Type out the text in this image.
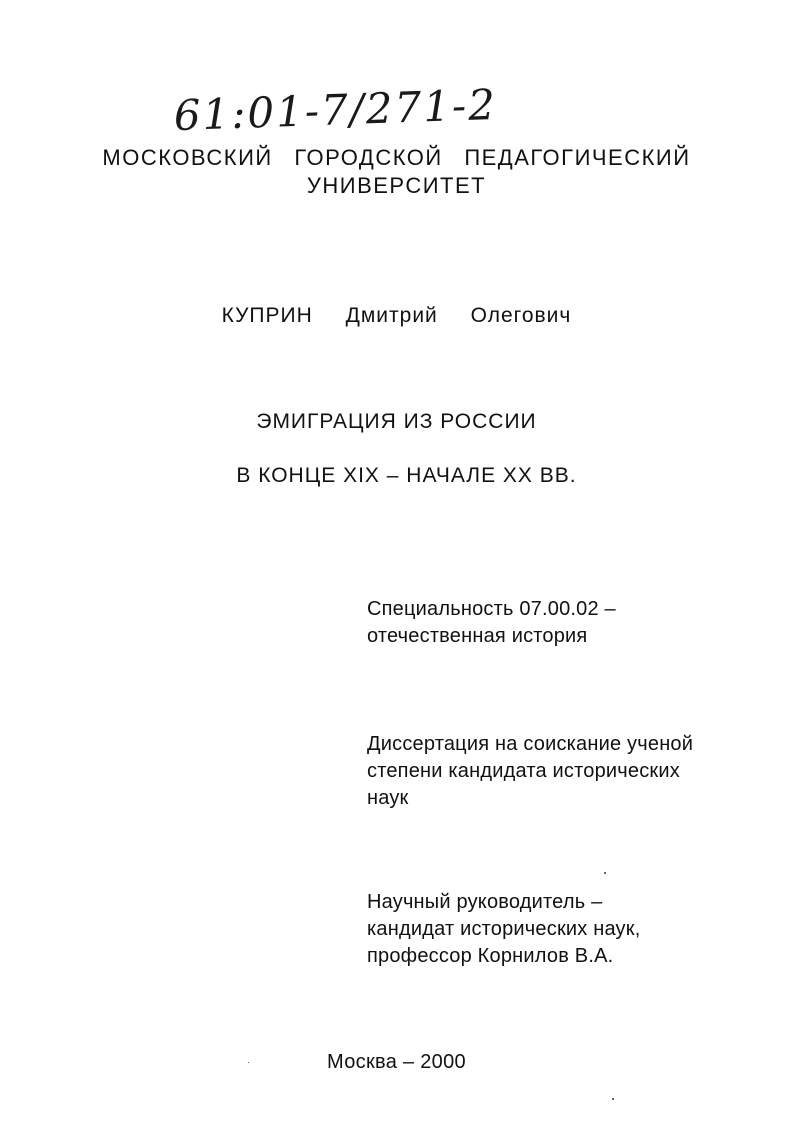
61:01-7/271-2
МОСКОВСКИЙ ГОРОДСКОЙ ПЕДАГОГИЧЕСКИЙ
УНИВЕРСИТЕТ
КУПРИН Дмитрий Олегович
ЭМИГРАЦИЯ ИЗ РОССИИ
В КОНЦЕ XIX – НАЧАЛЕ XX ВВ.
Специальность 07.00.02 –
отечественная история
Диссертация на соискание ученой
степени кандидата исторических
наук
Научный руководитель –
кандидат исторических наук,
профессор Корнилов В.А.
Москва – 2000
